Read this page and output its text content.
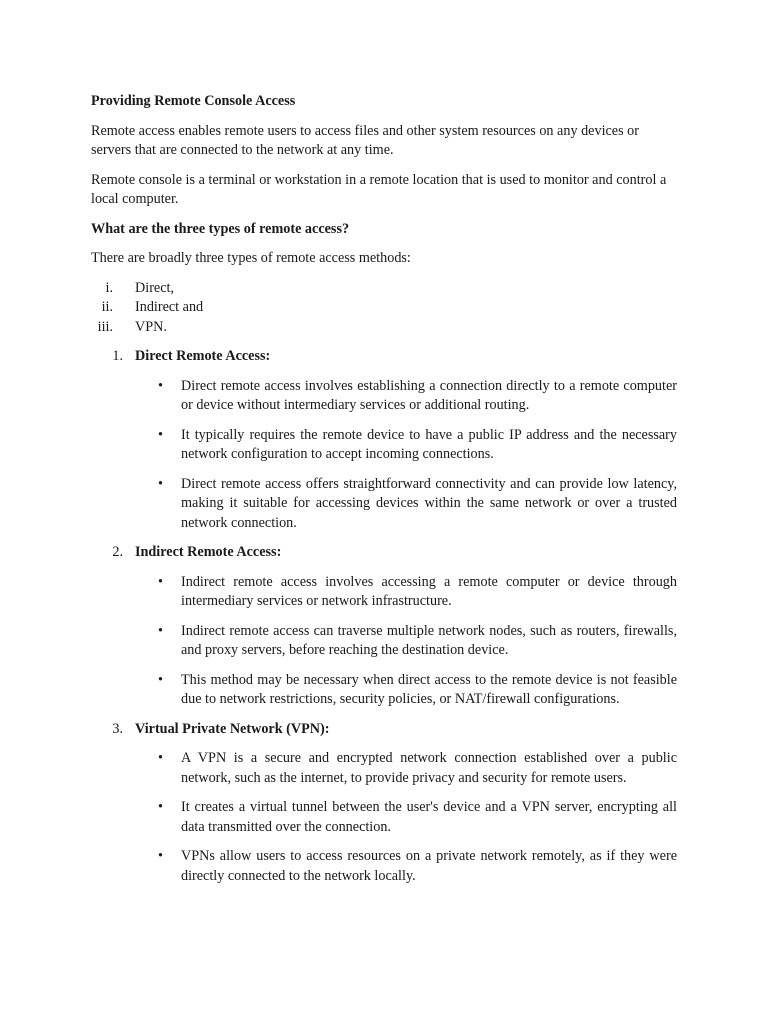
Providing Remote Console Access

Remote access enables remote users to access files and other system resources on any devices or servers that are connected to the network at any time.

Remote console is a terminal or workstation in a remote location that is used to monitor and control a local computer.

What are the three types of remote access?

There are broadly three types of remote access methods:

i. Direct,
ii. Indirect and
iii. VPN.
1. Direct Remote Access:
• Direct remote access involves establishing a connection directly to a remote computer or device without intermediary services or additional routing.
• It typically requires the remote device to have a public IP address and the necessary network configuration to accept incoming connections.
• Direct remote access offers straightforward connectivity and can provide low latency, making it suitable for accessing devices within the same network or over a trusted network connection.
2. Indirect Remote Access:
• Indirect remote access involves accessing a remote computer or device through intermediary services or network infrastructure.
• Indirect remote access can traverse multiple network nodes, such as routers, firewalls, and proxy servers, before reaching the destination device.
• This method may be necessary when direct access to the remote device is not feasible due to network restrictions, security policies, or NAT/firewall configurations.
3. Virtual Private Network (VPN):
• A VPN is a secure and encrypted network connection established over a public network, such as the internet, to provide privacy and security for remote users.
• It creates a virtual tunnel between the user's device and a VPN server, encrypting all data transmitted over the connection.
• VPNs allow users to access resources on a private network remotely, as if they were directly connected to the network locally.
